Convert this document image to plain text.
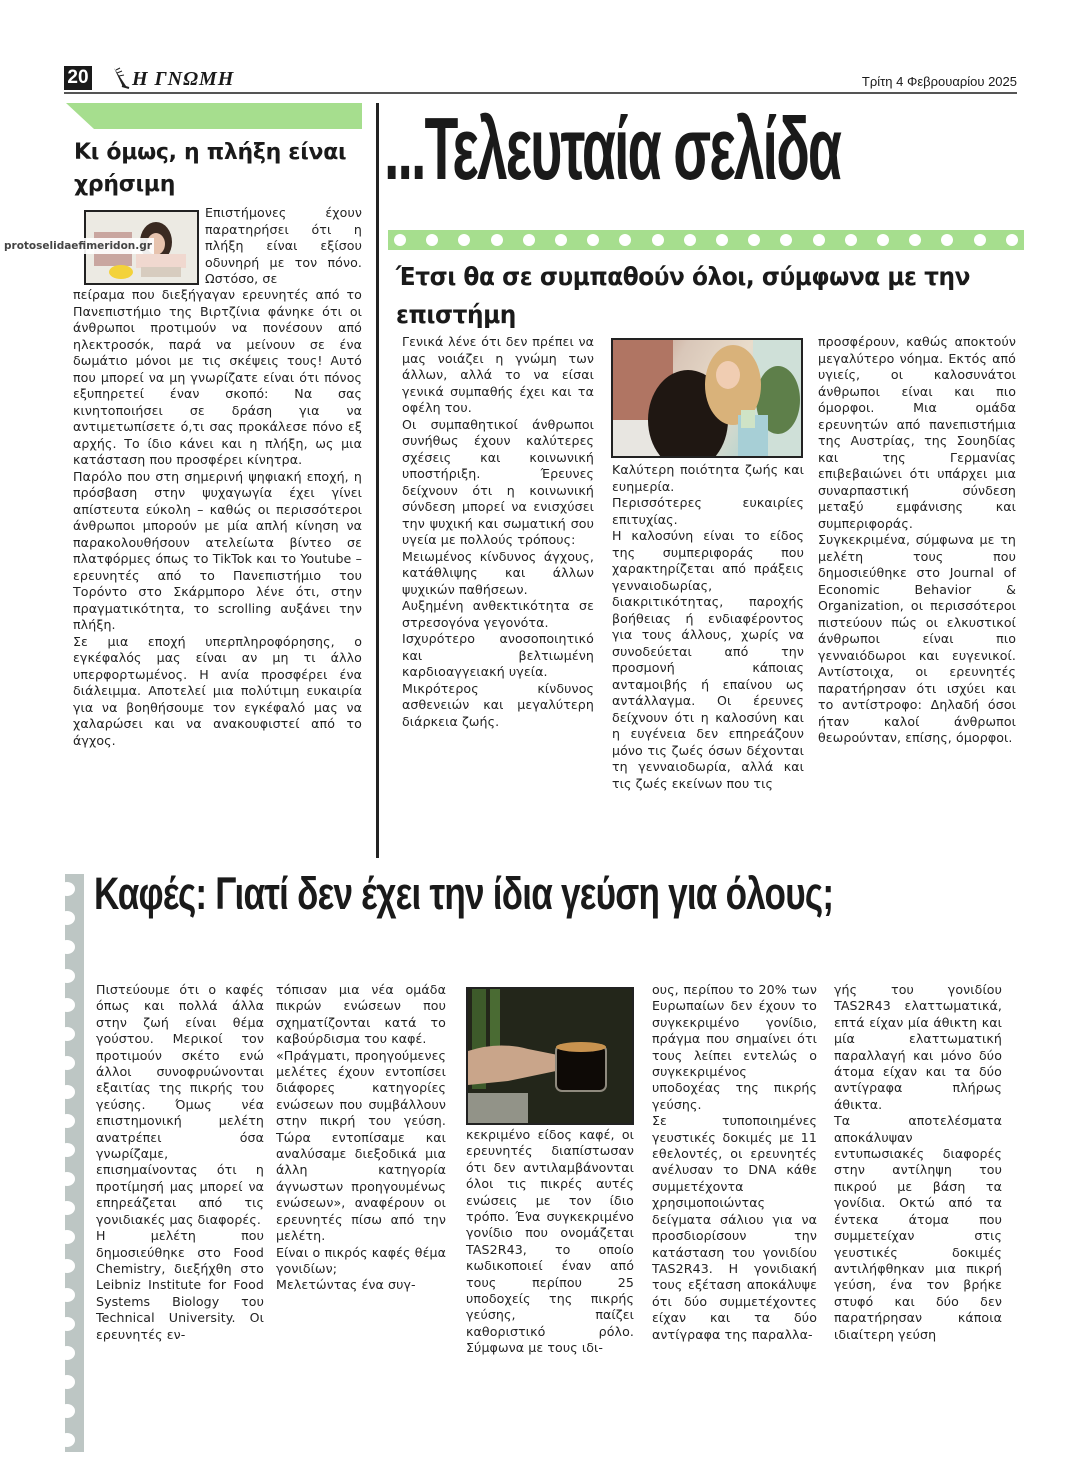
20 Η ΓΝΩΜΗ	Τρίτη 4 Φεβρουαρίου 2025
Κι όμως, η πλήξη είναι χρήσιμη
protoselidaefimeridon.gr

Επιστήμονες έχουν παρατηρήσει ότι η πλήξη είναι εξίσου οδυνηρή με τον πόνο. Ωστόσο, σε

πείραμα που διεξήγαγαν ερευνητές από το Πανεπιστήμιο της Βιρτζίνια φάνηκε ότι οι άνθρωποι προτιμούν να πονέσουν από ηλεκτροσόκ, παρά να μείνουν σε ένα δωμάτιο μόνοι με τις σκέψεις τους! Αυτό που μπορεί να μη γνωρίζατε είναι ότι πόνος εξυπηρετεί έναν σκοπό: Να σας κινητοποιήσει σε δράση για να αντιμετωπίσετε ό,τι σας προκάλεσε πόνο εξ αρχής. Το ίδιο κάνει και η πλήξη, ως μια κατάσταση που προσφέρει κίνητρα.

Παρόλο που στη σημερινή ψηφιακή εποχή, η πρόσβαση στην ψυχαγωγία έχει γίνει απίστευτα εύκολη – καθώς οι περισσότεροι άνθρωποι μπορούν με μία απλή κίνηση να παρακολουθήσουν ατελείωτα βίντεο σε πλατφόρμες όπως το TikTok και το Youtube – ερευνητές από το Πανεπιστήμιο του Τορόντο στο Σκάρμπορο λένε ότι, στην πραγματικότητα, το scrolling αυξάνει την πλήξη.

Σε μια εποχή υπερπληροφόρησης, ο εγκέφαλός μας είναι αν μη τι άλλο υπερφορτωμένος. Η ανία προσφέρει ένα διάλειμμα. Αποτελεί μια πολύτιμη ευκαιρία για να βοηθήσουμε τον εγκέφαλό μας να χαλαρώσει και να ανακουφιστεί από το άγχος.

...Τελευταία σελίδα
Έτσι θα σε συμπαθούν όλοι, σύμφωνα με την επιστήμη

Γενικά λένε ότι δεν πρέπει να μας νοιάζει η γνώμη των άλλων, αλλά το να είσαι γενικά συμπαθής έχει και τα οφέλη του.

Οι συμπαθητικοί άνθρωποι συνήθως έχουν καλύτερες σχέσεις και κοινωνική υποστήριξη. Έρευνες δείχνουν ότι η κοινωνική σύνδεση μπορεί να ενισχύσει την ψυχική και σωματική σου υγεία με πολλούς τρόπους:

Μειωμένος κίνδυνος άγχους, κατάθλιψης και άλλων ψυχικών παθήσεων.

Αυξημένη ανθεκτικότητα σε στρεσογόνα γεγονότα.

Ισχυρότερο ανοσοποιητικό και βελτιωμένη καρδιοαγγειακή υγεία.

Μικρότερος κίνδυνος ασθενειών και μεγαλύτερη διάρκεια ζωής.

Καλύτερη ποιότητα ζωής και ευημερία.

Περισσότερες ευκαιρίες επιτυχίας.

Η καλοσύνη είναι το είδος της συμπεριφοράς που χαρακτηρίζεται από πράξεις γενναιοδωρίας, διακριτικότητας, παροχής βοήθειας ή ενδιαφέροντος για τους άλλους, χωρίς να συνοδεύεται από την προσμονή κάποιας ανταμοιβής ή επαίνου ως αντάλλαγμα. Οι έρευνες δείχνουν ότι η καλοσύνη και η ευγένεια δεν επηρεάζουν μόνο τις ζωές όσων δέχονται τη γενναιοδωρία, αλλά και τις ζωές εκείνων που τις

προσφέρουν, καθώς αποκτούν μεγαλύτερο νόημα. Εκτός από υγιείς, οι καλοσυνάτοι άνθρωποι είναι και πιο όμορφοι. Μια ομάδα ερευνητών από πανεπιστήμια της Αυστρίας, της Σουηδίας και της Γερμανίας επιβεβαιώνει ότι υπάρχει μια συναρπαστική σύνδεση μεταξύ εμφάνισης και συμπεριφοράς.

Συγκεκριμένα, σύμφωνα με τη μελέτη τους που δημοσιεύθηκε στο Journal of Economic Behavior & Organization, οι περισσότεροι πιστεύουν πώς οι ελκυστικοί άνθρωποι είναι πιο γενναιόδωροι και ευγενικοί. Αντίστοιχα, οι ερευνητές παρατήρησαν ότι ισχύει και το αντίστροφο: Δηλαδή όσοι ήταν καλοί άνθρωποι θεωρούνταν, επίσης, όμορφοι.

Καφές: Γιατί δεν έχει την ίδια γεύση για όλους;

Πιστεύουμε ότι ο καφές όπως και πολλά άλλα στην ζωή είναι θέμα γούστου. Μερικοί τον προτιμούν σκέτο ενώ άλλοι συνοφρυώνονται εξαιτίας της πικρής του γεύσης. Όμως νέα επιστημονική μελέτη ανατρέπει όσα γνωρίζαμε, επισημαίνοντας ότι η προτίμησή μας μπορεί να επηρεάζεται από τις γονιδιακές μας διαφορές.

Η μελέτη που δημοσιεύθηκε στο Food Chemistry, διεξήχθη στο Leibniz Institute for Food Systems Biology του Technical University. Οι ερευνητές εν-

τόπισαν μια νέα ομάδα πικρών ενώσεων που σχηματίζονται κατά το καβούρδισμα του καφέ.

«Πράγματι, προηγούμενες μελέτες έχουν εντοπίσει διάφορες κατηγορίες ενώσεων που συμβάλλουν στην πικρή του γεύση. Τώρα εντοπίσαμε και αναλύσαμε διεξοδικά μια άλλη κατηγορία άγνωστων προηγουμένως ενώσεων», αναφέρουν οι ερευνητές πίσω από την μελέτη.

Είναι ο πικρός καφές θέμα γονιδίων;

Μελετώντας ένα συγ-

κεκριμένο είδος καφέ, οι ερευνητές διαπίστωσαν ότι δεν αντιλαμβάνονται όλοι τις πικρές αυτές ενώσεις με τον ίδιο τρόπο. Ένα συγκεκριμένο γονίδιο που ονομάζεται TAS2R43, το οποίο κωδικοποιεί έναν από τους περίπου 25 υποδοχείς της πικρής γεύσης, παίζει καθοριστικό ρόλο. Σύμφωνα με τους ιδι-

ους, περίπου το 20% των Ευρωπαίων δεν έχουν το συγκεκριμένο γονίδιο, πράγμα που σημαίνει ότι τους λείπει εντελώς ο συγκεκριμένος υποδοχέας της πικρής γεύσης.

Σε τυποποιημένες γευστικές δοκιμές με 11 εθελοντές, οι ερευνητές ανέλυσαν το DNA κάθε συμμετέχοντα χρησιμοποιώντας δείγματα σάλιου για να προσδιορίσουν την κατάσταση του γονιδίου TAS2R43. Η γονιδιακή τους εξέταση αποκάλυψε ότι δύο συμμετέχοντες είχαν και τα δύο αντίγραφα της παραλλα-

γής του γονιδίου TAS2R43 ελαττωματικά, επτά είχαν μία άθικτη και μία ελαττωματική παραλλαγή και μόνο δύο άτομα είχαν και τα δύο αντίγραφα πλήρως άθικτα.

Τα αποτελέσματα αποκάλυψαν εντυπωσιακές διαφορές στην αντίληψη του πικρού με βάση τα γονίδια. Οκτώ από τα έντεκα άτομα που συμμετείχαν στις γευστικές δοκιμές αντιλήφθηκαν μια πικρή γεύση, ένα τον βρήκε στυφό και δύο δεν παρατήρησαν κάποια ιδιαίτερη γεύση
